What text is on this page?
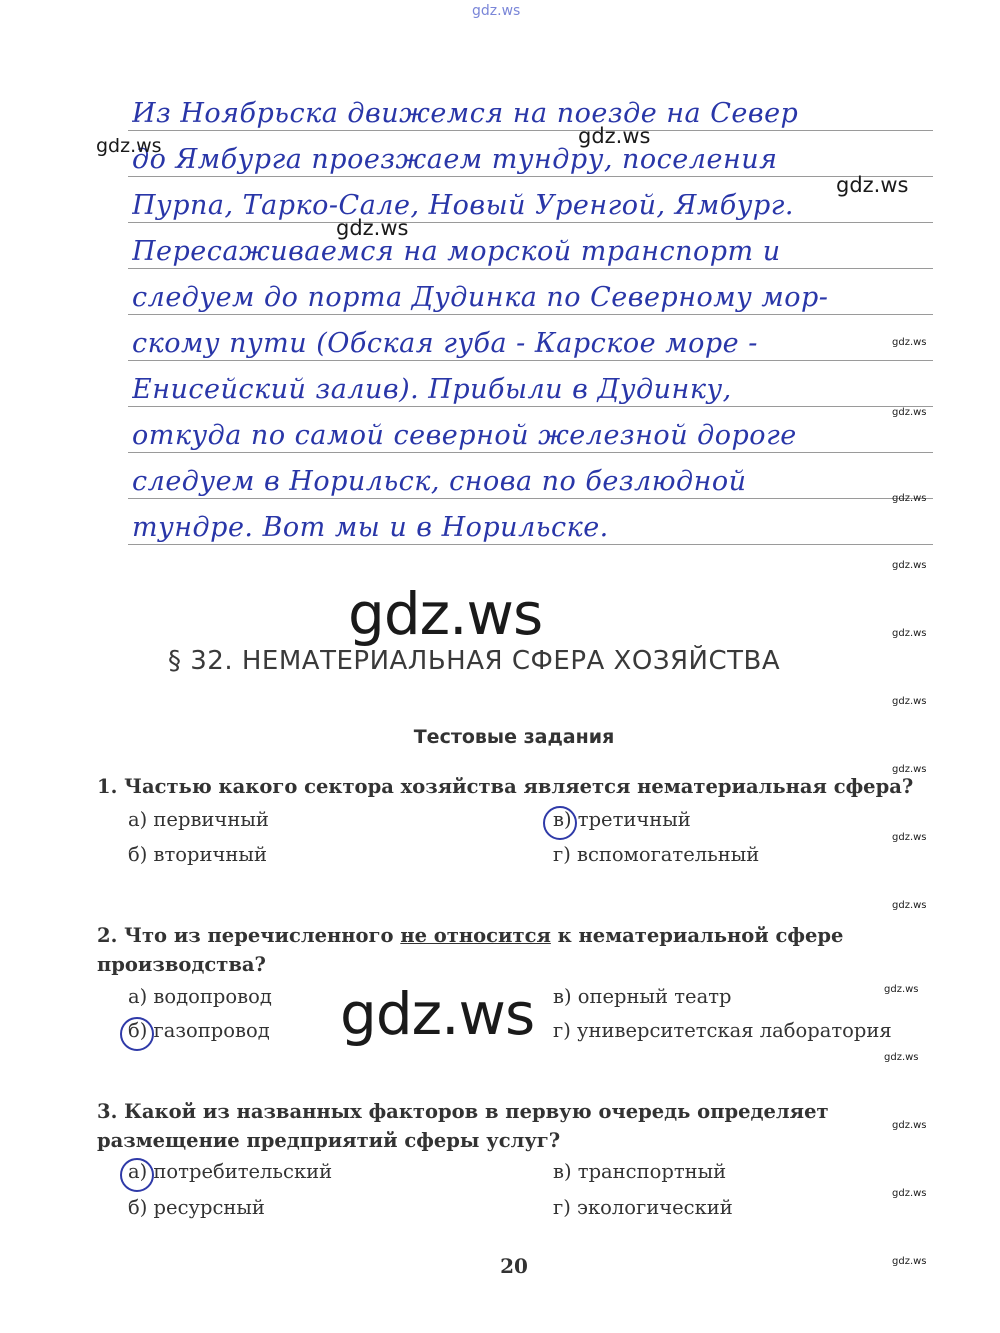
gdz.ws
Из Ноябрьска движемся на поезде на Север
до Ямбурга проезжаем тундру, поселения
Пурпа, Тарко-Сале, Новый Уренгой, Ямбург.
Пересаживаемся на морской транспорт и
следуем до порта Дудинка по Северному мор-
скому пути (Обская губа - Карское море -
Енисейский залив). Прибыли в Дудинку,
откуда по самой северной железной дороге
следуем в Норильск, снова по безлюдной
тундре. Вот мы и в Норильске.
gdz.ws
gdz.ws
gdz.ws
gdz.ws
gdz.ws
gdz.ws
gdz.ws
gdz.ws
gdz.ws
gdz.ws
gdz.ws
gdz.ws
gdz.ws
gdz.ws
gdz.ws
gdz.ws
gdz.ws
gdz.ws
gdz.ws
gdz.ws
§ 32. НЕМАТЕРИАЛЬНАЯ СФЕРА ХОЗЯЙСТВА
Тестовые задания
1. Частью какого сектора хозяйства является нематериальная сфера?
а) первичный
б) вторичный
в) третичный
г) вспомогательный
2. Что из перечисленного не относится к нематериальной сфере производства?
а) водопровод
б) газопровод
в) оперный театр
г) университетская лаборатория
3. Какой из названных факторов в первую очередь определяет размещение предприятий сферы услуг?
а) потребительский
б) ресурсный
в) транспортный
г) экологический
20
